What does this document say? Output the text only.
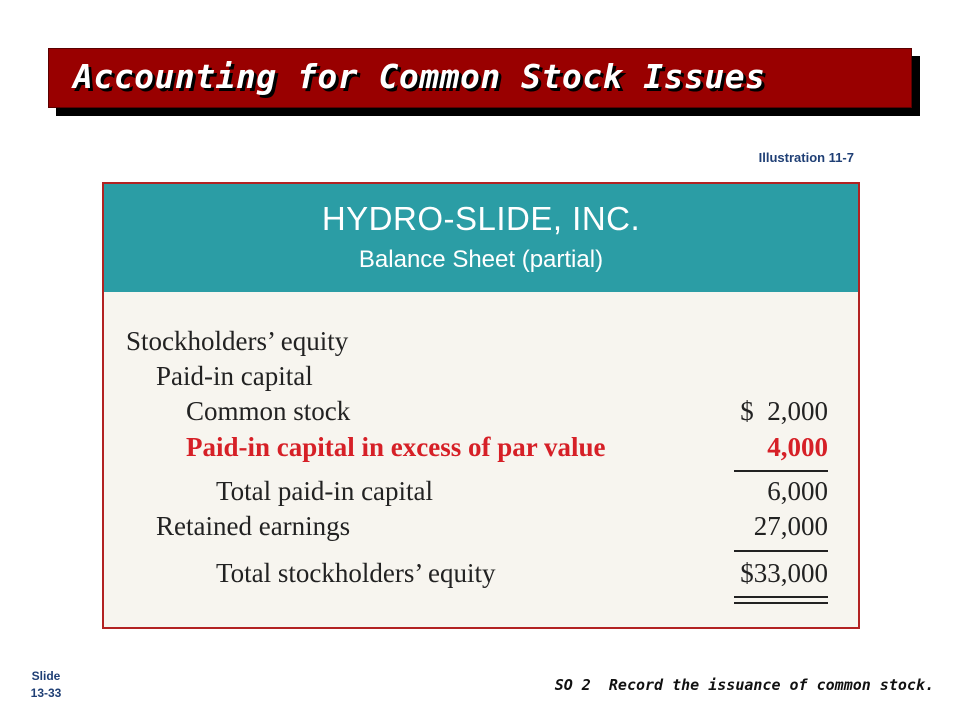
Accounting for Common Stock Issues
Illustration 11-7
HYDRO-SLIDE, INC.
Balance Sheet (partial)
Stockholders’ equity
Paid-in capital
Common stock	$  2,000
Paid-in capital in excess of par value	4,000
Total paid-in capital	6,000
Retained earnings	27,000
Total stockholders’ equity	$33,000
Slide
13-33	SO 2  Record the issuance of common stock.
